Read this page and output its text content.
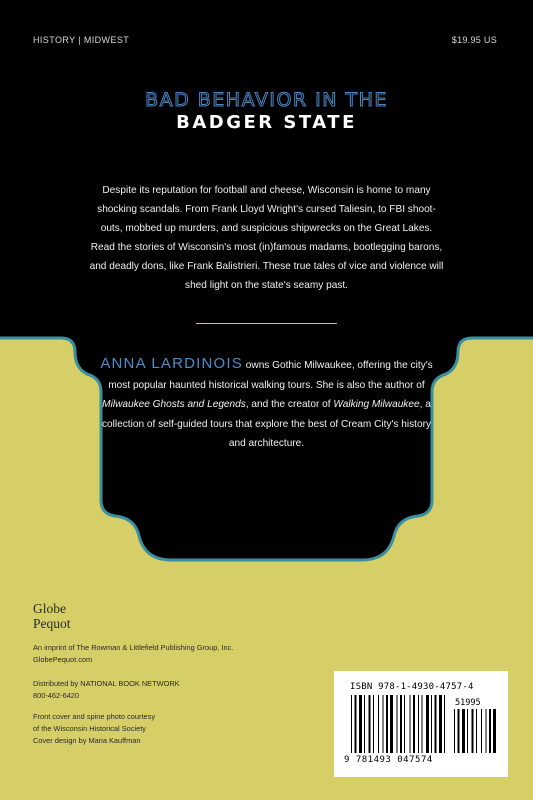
HISTORY | MIDWEST	$19.95 US
BAD BEHAVIOR IN THE
BADGER STATE
Despite its reputation for football and cheese, Wisconsin is home to many shocking scandals. From Frank Lloyd Wright's cursed Taliesin, to FBI shoot-outs, mobbed up murders, and suspicious shipwrecks on the Great Lakes. Read the stories of Wisconsin's most (in)famous madams, bootlegging barons, and deadly dons, like Frank Balistrieri. These true tales of vice and violence will shed light on the state's seamy past.
ANNA LARDINOIS owns Gothic Milwaukee, offering the city's most popular haunted historical walking tours. She is also the author of Milwaukee Ghosts and Legends, and the creator of Walking Milwaukee, a collection of self-guided tours that explore the best of Cream City's history and architecture.
Globe
Pequot
An imprint of The Rowman & Littlefield Publishing Group, Inc.
GlobePequot.com
Distributed by NATIONAL BOOK NETWORK
800-462-6420
Front cover and spine photo courtesy
of the Wisconsin Historical Society
Cover design by Maria Kauffman
ISBN 978-1-4930-4757-4
51995
9 781493 047574
